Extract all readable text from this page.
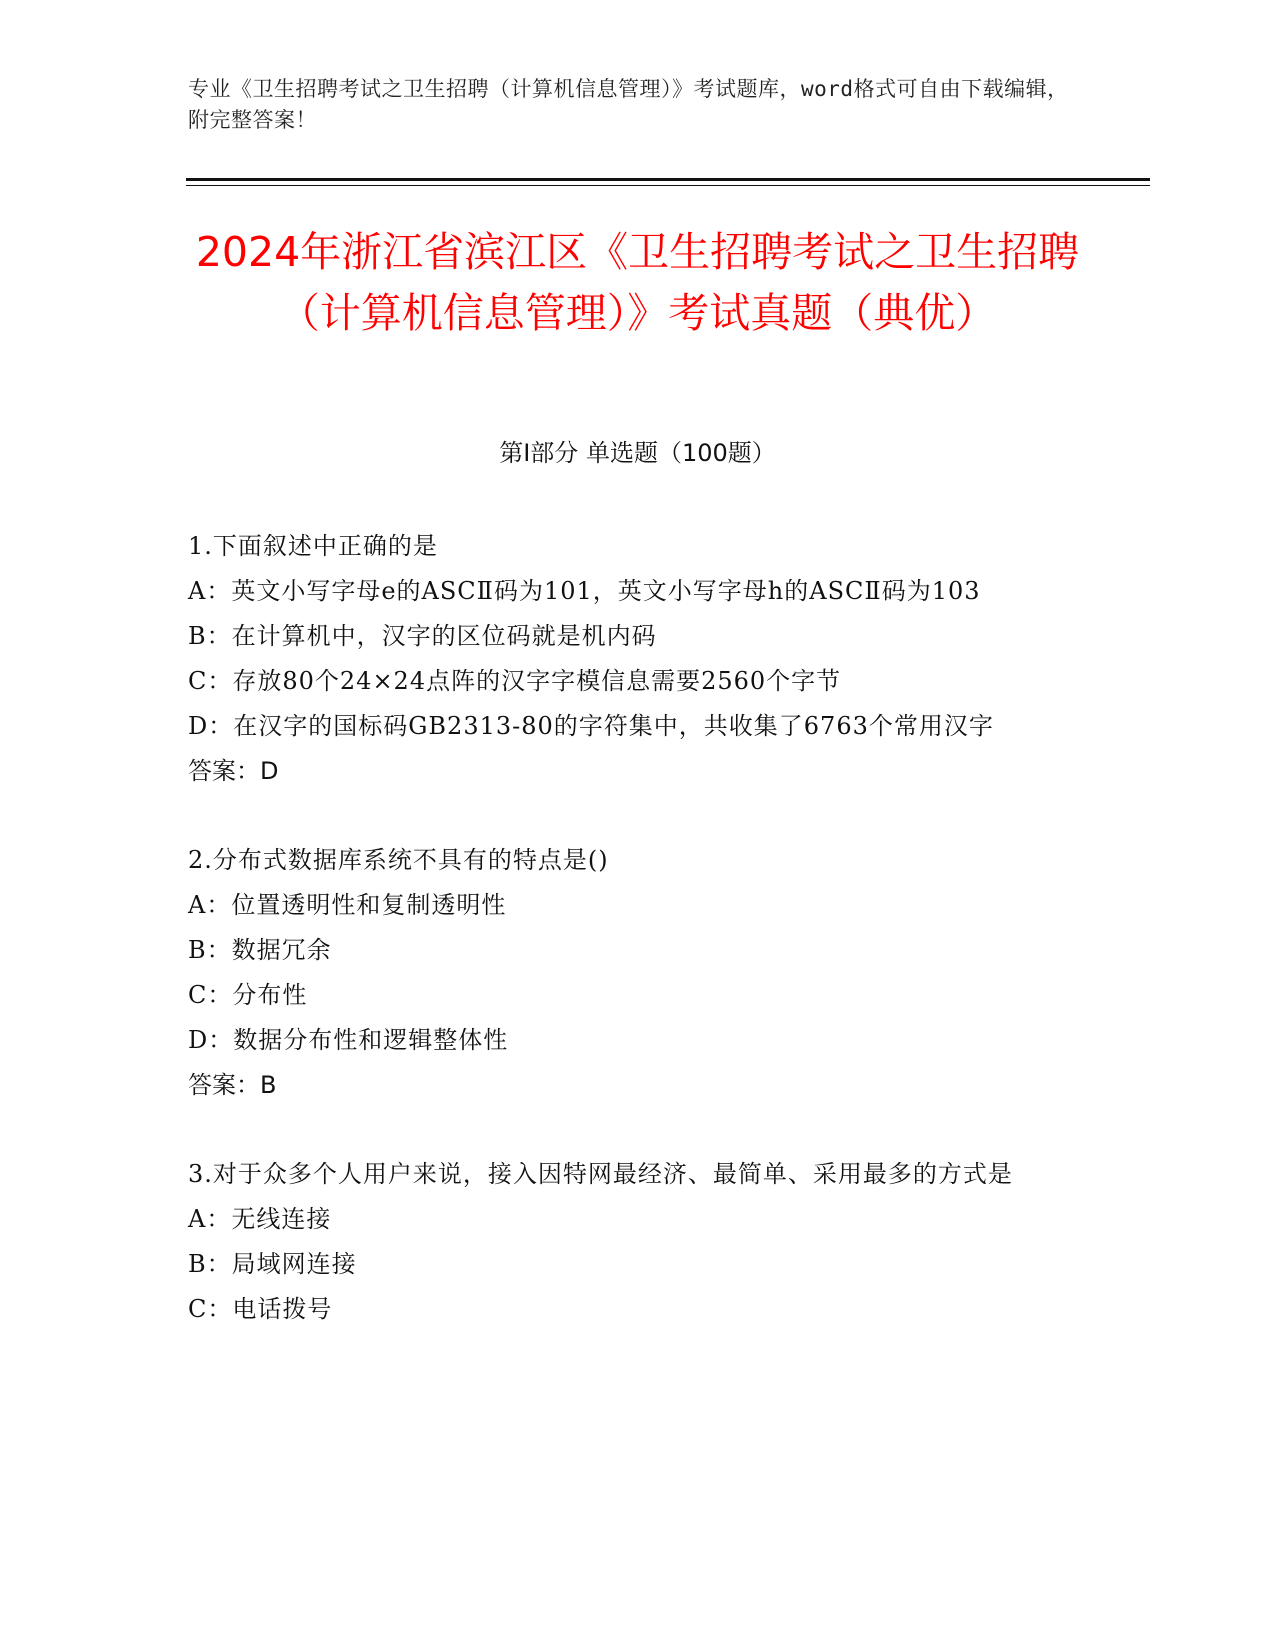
专业《卫生招聘考试之卫生招聘（计算机信息管理）》考试题库，word格式可自由下载编辑，附完整答案！
2024年浙江省滨江区《卫生招聘考试之卫生招聘（计算机信息管理）》考试真题（典优）
第I部分 单选题（100题）
1.下面叙述中正确的是
A：英文小写字母e的ASCⅡ码为101，英文小写字母h的ASCⅡ码为103
B：在计算机中，汉字的区位码就是机内码
C：存放80个24×24点阵的汉字字模信息需要2560个字节
D：在汉字的国标码GB2313-80的字符集中，共收集了6763个常用汉字
答案：D
2.分布式数据库系统不具有的特点是()
A：位置透明性和复制透明性
B：数据冗余
C：分布性
D：数据分布性和逻辑整体性
答案：B
3.对于众多个人用户来说，接入因特网最经济、最简单、采用最多的方式是
A：无线连接
B：局域网连接
C：电话拨号
